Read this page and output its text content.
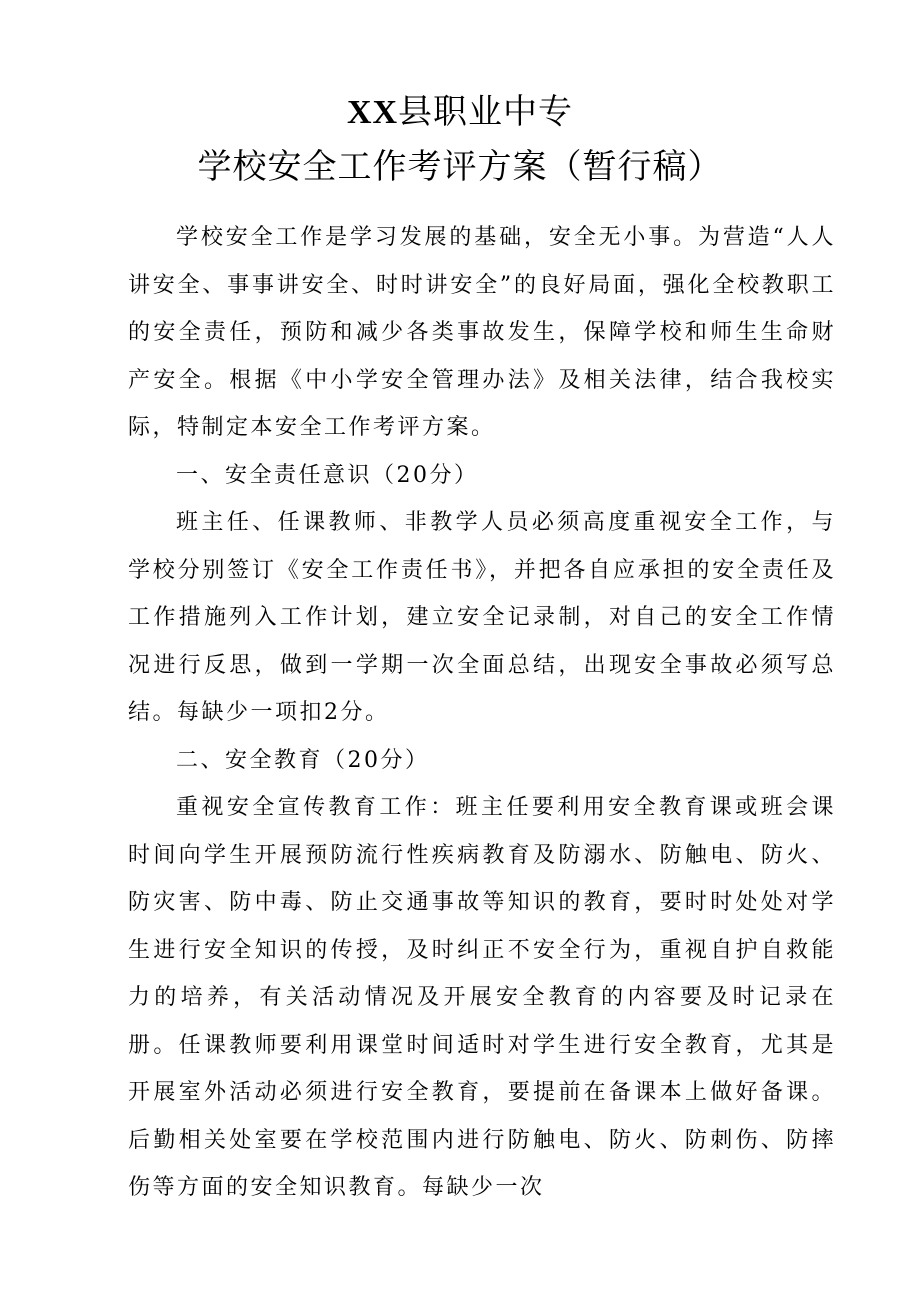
XX县职业中专
学校安全工作考评方案（暂行稿）

学校安全工作是学习发展的基础，安全无小事。为营造“人人讲安全、事事讲安全、时时讲安全”的良好局面，强化全校教职工的安全责任，预防和减少各类事故发生，保障学校和师生生命财产安全。根据《中小学安全管理办法》及相关法律，结合我校实际，特制定本安全工作考评方案。

一、安全责任意识（20分）

班主任、任课教师、非教学人员必须高度重视安全工作，与学校分别签订《安全工作责任书》，并把各自应承担的安全责任及工作措施列入工作计划，建立安全记录制，对自己的安全工作情况进行反思，做到一学期一次全面总结，出现安全事故必须写总结。每缺少一项扣2分。

二、安全教育（20分）

重视安全宣传教育工作：班主任要利用安全教育课或班会课时间向学生开展预防流行性疾病教育及防溺水、防触电、防火、防灾害、防中毒、防止交通事故等知识的教育，要时时处处对学生进行安全知识的传授，及时纠正不安全行为，重视自护自救能力的培养，有关活动情况及开展安全教育的内容要及时记录在册。任课教师要利用课堂时间适时对学生进行安全教育，尤其是开展室外活动必须进行安全教育，要提前在备课本上做好备课。后勤相关处室要在学校范围内进行防触电、防火、防刺伤、防摔伤等方面的安全知识教育。每缺少一次
